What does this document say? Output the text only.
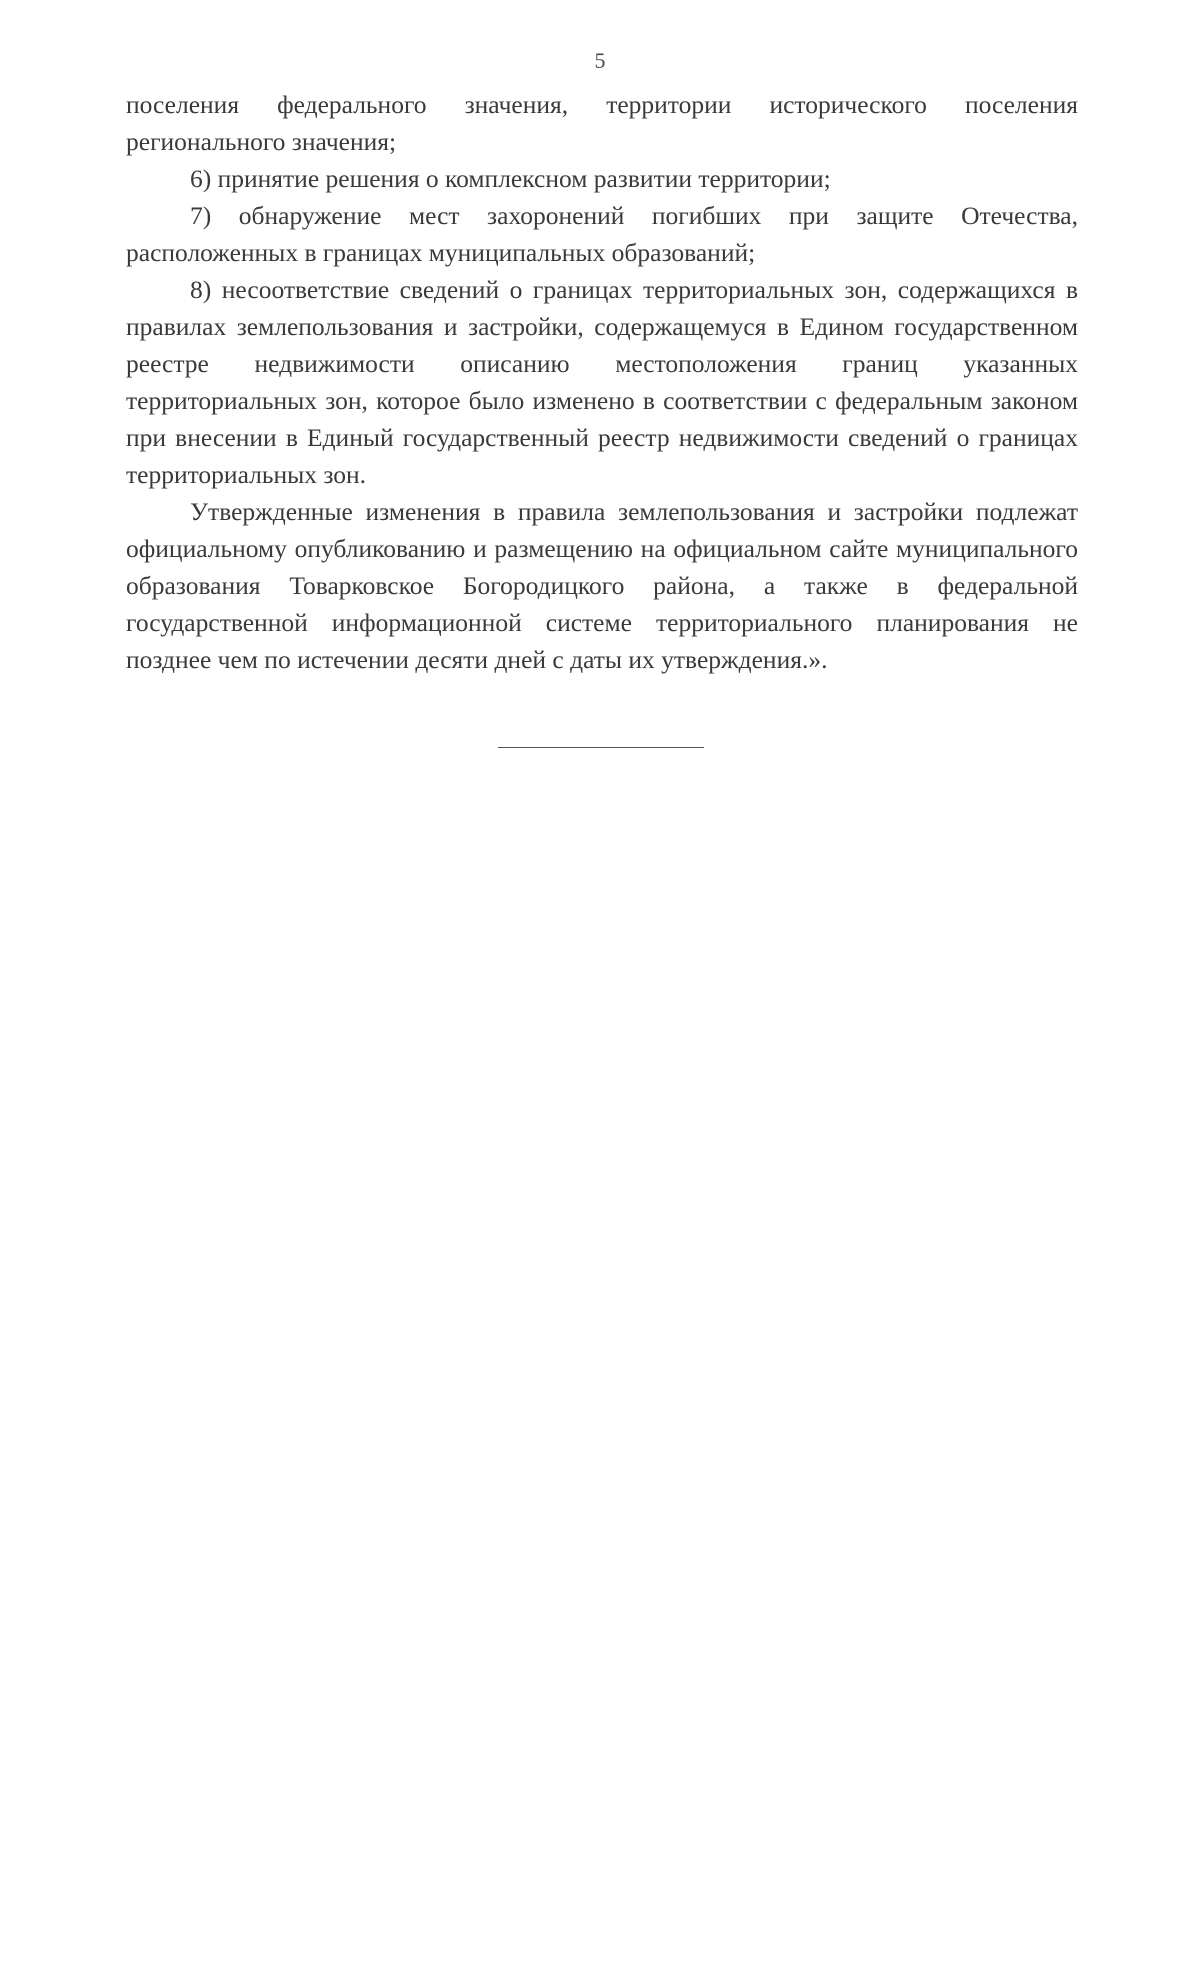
5

поселения федерального значения, территории исторического поселения регионального значения;

6) принятие решения о комплексном развитии территории;

7) обнаружение мест захоронений погибших при защите Отечества, расположенных в границах муниципальных образований;

8) несоответствие сведений о границах территориальных зон, содержащихся в правилах землепользования и застройки, содержащемуся в Едином государственном реестре недвижимости описанию местоположения границ указанных территориальных зон, которое было изменено в соответствии с федеральным законом при внесении в Единый государственный реестр недвижимости сведений о границах территориальных зон.

Утвержденные изменения в правила землепользования и застройки подлежат официальному опубликованию и размещению на официальном сайте муниципального образования Товарковское Богородицкого района, а также в федеральной государственной информационной системе территориального планирования не позднее чем по истечении десяти дней с даты их утверждения.».
